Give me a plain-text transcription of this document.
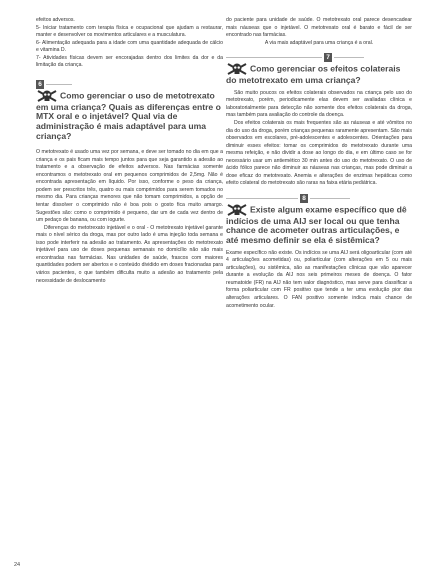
efeitos adversos.

5- Iniciar tratamento com terapia física e ocupacional que ajudam a restaurar, manter e desenvolver os movimentos articulares e a musculatura.

6- Alimentação adequada para a idade com uma quantidade adequada de cálcio e vitamina D.

7- Atividades físicas devem ser encorajadas dentro dos limites da dor e da limitação da criança.

6

Como gerenciar o uso de metotrexato em uma criança? Quais as diferenças entre o MTX oral e o injetável? Qual via de administração é mais adaptável para uma criança?

O metotrexato é usado uma vez por semana, e deve ser tomado no dia em que a criança e os pais ficam mais tempo juntos para que seja garantido a adesão ao tratamento e a observação de efeitos adversos. Nas farmácias somente encontramos o metotrexato oral em pequenos comprimidos de 2,5mg. Não é encontrada apresentação em líquido. Por isso, conforme o peso da criança, podem ser prescritos três, quatro ou mais comprimidos para serem tomados no mesmo dia. Para crianças menores que não tomam comprimidos, a opção de tentar dissolver o comprimido não é boa pois o gosto fica muito amargo. Sugestões são: como o comprimido é pequeno, dar um de cada vez dentro de um pedaço de banana, ou com iogurte.

Diferenças do metotrexato injetável e o oral - O metotrexato injetável garante mais o nível sérico da droga, mas por outro lado é uma injeção toda semana e isso pode interferir na adesão ao tratamento. As apresentações do metotrexato injetável para uso de doses pequenas semanais no domicílio não são mais encontradas nas farmácias. Nas unidades de saúde, frascos com maiores quantidades podem ser abertos e o conteúdo dividido em doses fracionadas para vários pacientes, o que também dificulta muito a adesão ao tratamento pela necessidade de deslocamento

do paciente para unidade de saúde. O metotrexato oral parece desencadear mais náuseas que o injetável. O metotrexato oral é barato e fácil de ser encontrado nas farmácias.

A via mais adaptável para uma criança é a oral.

7

Como gerenciar os efeitos colaterais do metotrexato em uma criança?

São muito poucos os efeitos colaterais observados na criança pelo uso do metotrexato, porém, periodicamente elas devem ser avaliadas clínica e laboratorialmente para detecção não somente dos efeitos colaterais da droga, mas também para avaliação do controle da doença.

Dos efeitos colaterais os mais frequentes são as náuseas e até vômitos no dia do uso da droga, porém crianças pequenas raramente apresentam. São mais observados em escolares, pré-adolescentes e adolescentes. Orientações para diminuir esses efeitos: tomar os comprimidos do metotrexato durante uma mesma refeição, e não dividir a dose ao longo do dia, e em último caso se for necessário usar um antiemético 30 min antes do uso do metotrexato. O uso de ácido fólico parece não diminuir as náuseas nas crianças, mas pode diminuir a dose eficaz do metotrexato. Anemia e alterações de enzimas hepáticas como efeito colateral do metotrexato são raras na faixa etária pediátrica.

8

Existe algum exame específico que dê indícios de uma AIJ ser local ou que tenha chance de acometer outras articulações, e até mesmo definir se ela é sistêmica?

Exame específico não existe. Os indícios se uma AIJ será oligoarticular (com até 4 articulações acometidas) ou, poliarticular (com alterações em 5 ou mais articulações), ou sistêmica, são as manifestações clínicas que vão aparecer durante a evolução da AIJ nos seis primeiros meses de doença. O fator reumatoide (FR) na AIJ não tem valor diagnóstico, mas serve para classificar a forma poliarticular com FR positivo que tende a ter uma evolução pior das alterações articulares. O FAN positivo somente indica mais chance de acometimento ocular.

24
